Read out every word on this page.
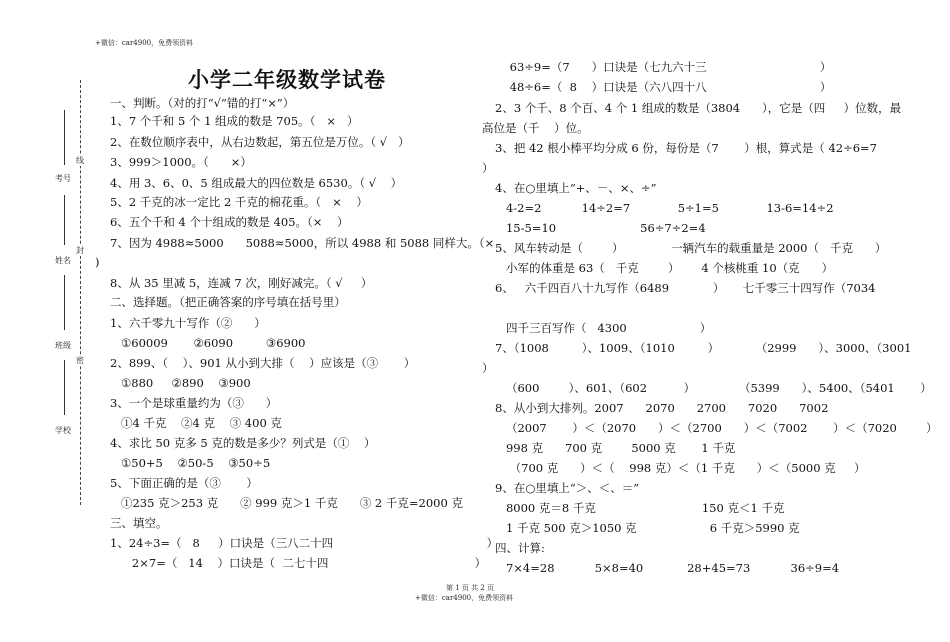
+微信：car4900，免费领资料
考号
姓名
班级
学校
线
封
密
小学二年级数学试卷
一、判断。（对的打“√”错的打“×”）
1、7 个千和 5 个 1 组成的数是 705。（   ×   ）
2、在数位顺序表中，从右边数起，第五位是万位。（ √   ）
3、999＞1000。（      ×）
4、用 3、6、0、5 组成最大的四位数是 6530。（ √    ）
5、2 千克的冰一定比 2 千克的棉花重。（   ×    ）
6、五个千和 4 个十组成的数是 405。（×    ）
7、因为 4988≈5000      5088≈5000，所以 4988 和 5088 同样大。（×
)
8、从 35 里减 5，连减 7 次，刚好减完。（ √     ）
二、选择题。（把正确答案的序号填在括号里）
1、六千零九十写作（②      ）
①60009       ②6090         ③6900
2、899、（    ）、901 从小到大排（    ）应该是（③       ）
①880     ②890    ③900
3、一个是球重量约为（③      ）
①4 千克    ②4 克    ③ 400 克
4、求比 50 克多 5 克的数是多少？列式是（①    ）
①50+5    ②50-5    ③50÷5
5、下面正确的是（③       ）
①235 克＞253 克      ② 999 克＞1 千克      ③ 2 千克=2000 克
三、填空。
1、24÷3=（   8     ）口诀是（三八二十四                                          ）
2×7=（   14    ）口诀是（  二七十四                                        ）
63÷9=（7      ）口诀是（七九六十三                               ）
48÷6=（  8    ）口诀是（六八四十八                               ）
2、3 个千、8 个百、4 个 1 组成的数是（3804      ），它是（四     ）位数，最
高位是（千    ）位。
3、把 42 根小棒平均分成 6 份，每份是（7       ）根，算式是（ 42÷6=7
）
4、在○里填上“+、－、×、÷”
4-2=2           14÷2=7             5÷1=5             13-6=14÷2
15-5=10                       56÷7÷2=4
5、风车转动是（        ）             一辆汽车的载重量是 2000（   千克      ）
小军的体重是 63（   千克        ）      4 个核桃重 10（克      ）
6、   六千四百八十九写作（6489            ）     七千零三十四写作（7034
四千三百写作（   4300                    ）
7、（1008         ）、1009、（1010         ）          （2999      ）、3000、（3001
）
（600        ）、601、（602          ）            （5399      ）、5400、（5401       ）
8、从小到大排列。2007      2070      2700      7020      7002
（2007       ）＜（2070      ）＜（2700      ）＜（7002       ）＜（7020        ）
998 克      700 克        5000 克       1 千克
（700 克      ）＜（    998 克）＜（1 千克      ）＜（5000 克     ）
9、在○里填上“＞、＜、＝”
8000 克＝8 千克                             150 克＜1 千克
1 千克 500 克＞1050 克                    6 千克＞5990 克
四、计算:
7×4=28           5×8=40            28+45=73           36÷9=4
第 1 页 共 2 页
+微信：car4900，免费领资料
